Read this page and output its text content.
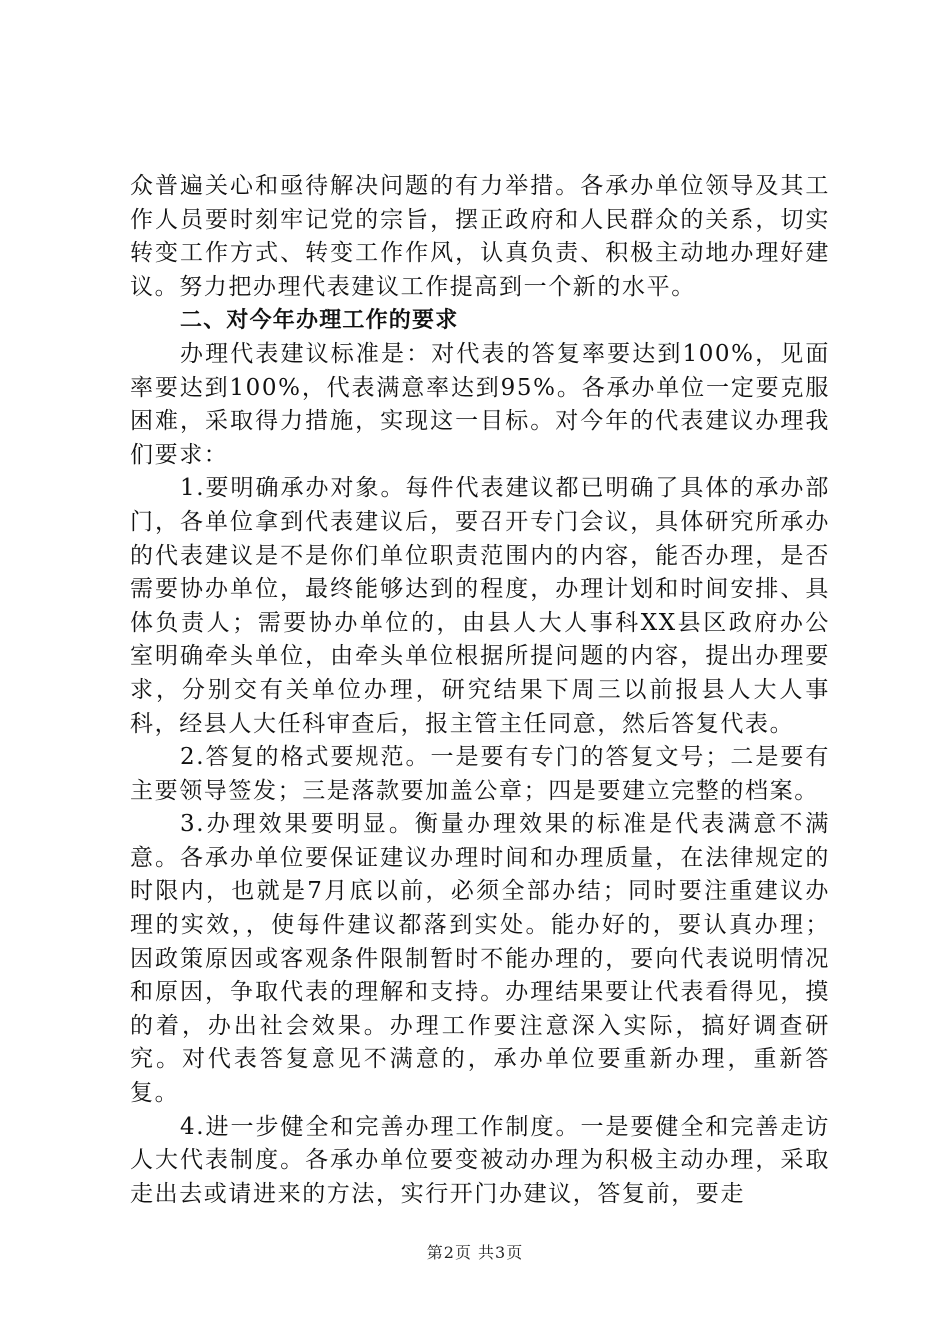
众普遍关心和亟待解决问题的有力举措。各承办单位领导及其工作人员要时刻牢记党的宗旨，摆正政府和人民群众的关系，切实转变工作方式、转变工作作风，认真负责、积极主动地办理好建议。努力把办理代表建议工作提高到一个新的水平。

二、对今年办理工作的要求

办理代表建议标准是：对代表的答复率要达到100%，见面率要达到100%，代表满意率达到95%。各承办单位一定要克服困难，采取得力措施，实现这一目标。对今年的代表建议办理我们要求：

1.要明确承办对象。每件代表建议都已明确了具体的承办部门，各单位拿到代表建议后，要召开专门会议，具体研究所承办的代表建议是不是你们单位职责范围内的内容，能否办理，是否需要协办单位，最终能够达到的程度，办理计划和时间安排、具体负责人；需要协办单位的，由县人大人事科XX县区政府办公室明确牵头单位，由牵头单位根据所提问题的内容，提出办理要求，分别交有关单位办理，研究结果下周三以前报县人大人事科，经县人大任科审查后，报主管主任同意，然后答复代表。

2.答复的格式要规范。一是要有专门的答复文号；二是要有主要领导签发；三是落款要加盖公章；四是要建立完整的档案。

3.办理效果要明显。衡量办理效果的标准是代表满意不满意。各承办单位要保证建议办理时间和办理质量，在法律规定的时限内，也就是7月底以前，必须全部办结；同时要注重建议办理的实效，，使每件建议都落到实处。能办好的，要认真办理；因政策原因或客观条件限制暂时不能办理的，要向代表说明情况和原因，争取代表的理解和支持。办理结果要让代表看得见，摸的着，办出社会效果。办理工作要注意深入实际，搞好调查研究。对代表答复意见不满意的，承办单位要重新办理，重新答复。

4.进一步健全和完善办理工作制度。一是要健全和完善走访人大代表制度。各承办单位要变被动办理为积极主动办理，采取走出去或请进来的方法，实行开门办建议，答复前，要走

第2页 共3页
